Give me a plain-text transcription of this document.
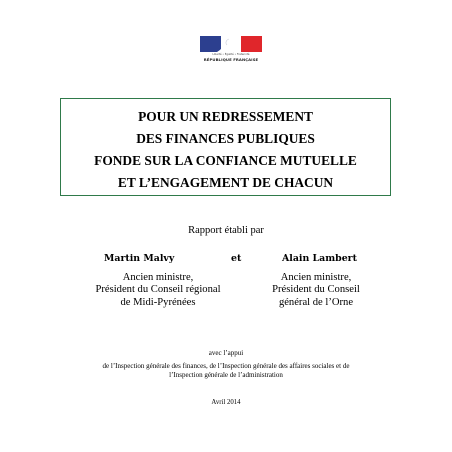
Liberté • Égalité • Fraternité
RÉPUBLIQUE FRANÇAISE
POUR UN REDRESSEMENT
DES FINANCES PUBLIQUES
FONDE SUR LA CONFIANCE MUTUELLE
ET L’ENGAGEMENT DE CHACUN
Rapport établi par
Martin Malvy	et	Alain Lambert
Ancien ministre,
Président du Conseil régional
de Midi-Pyrénées
Ancien ministre,
Président du Conseil
général de l’Orne
avec l’appui
de l’Inspection générale des finances, de l’Inspection générale des affaires sociales et de
l’Inspection générale de l’administration
Avril 2014
